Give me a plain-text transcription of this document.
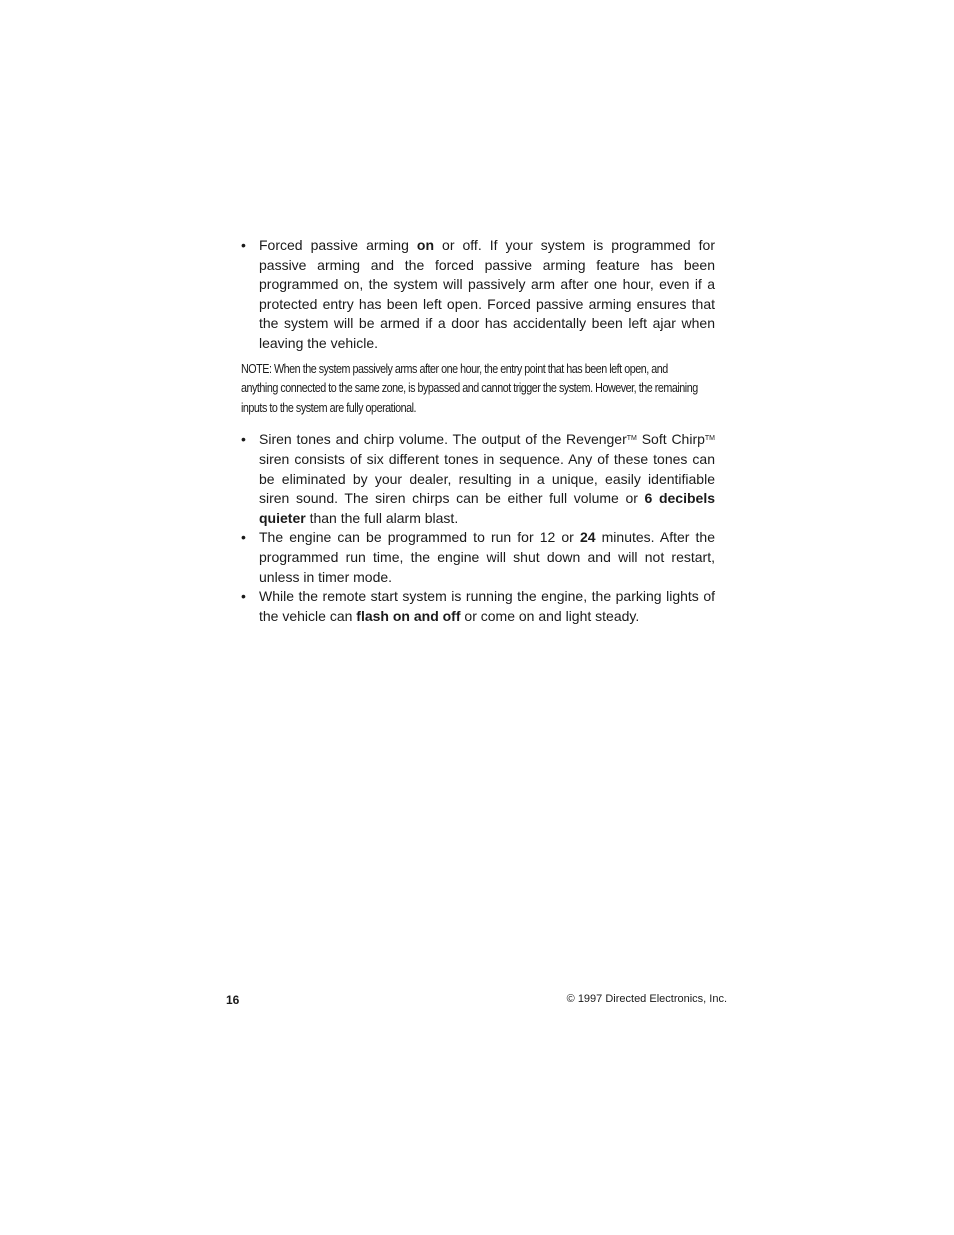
• Forced passive arming on or off. If your system is programmed for passive arming and the forced passive arming feature has been programmed on, the system will passively arm after one hour, even if a protected entry has been left open. Forced passive arming ensures that the system will be armed if a door has accidentally been left ajar when leaving the vehicle.
NOTE: When the system passively arms after one hour, the entry point that has been left open, and anything connected to the same zone, is bypassed and cannot trigger the system. However, the remaining inputs to the system are fully operational.
• Siren tones and chirp volume. The output of the Revenger™ Soft Chirp™ siren consists of six different tones in sequence. Any of these tones can be eliminated by your dealer, resulting in a unique, easily identifiable siren sound. The siren chirps can be either full volume or 6 decibels quieter than the full alarm blast.
• The engine can be programmed to run for 12 or 24 minutes. After the programmed run time, the engine will shut down and will not restart, unless in timer mode.
• While the remote start system is running the engine, the parking lights of the vehicle can flash on and off or come on and light steady.
16	© 1997 Directed Electronics, Inc.
